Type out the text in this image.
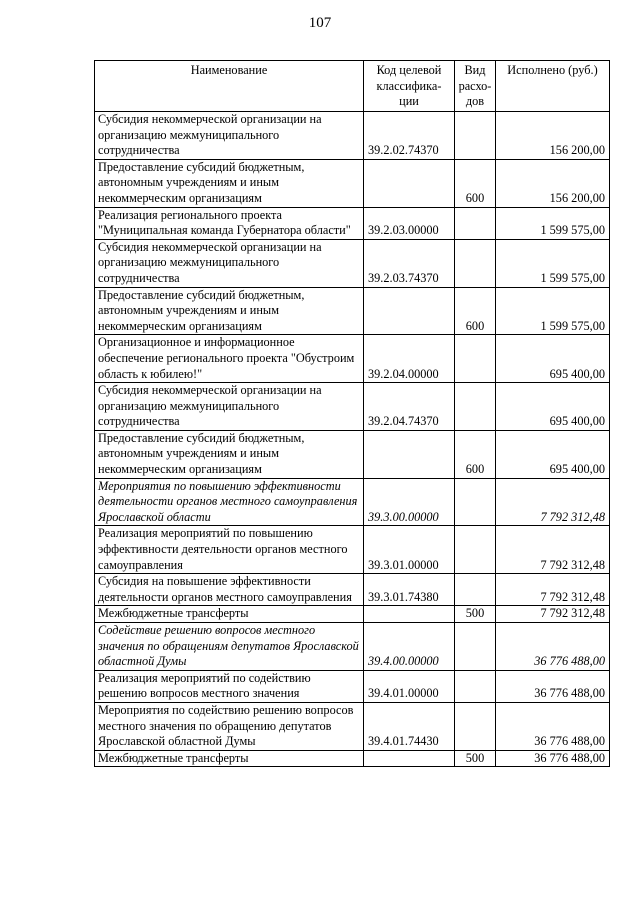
107
Наименование	Код целевой классифика-ции	Вид расхо-дов	Исполнено (руб.)
Субсидия некоммерческой организации на организацию межмуниципального сотрудничества	39.2.02.74370		156 200,00
Предоставление субсидий бюджетным, автономным учреждениям и иным некоммерческим организациям		600	156 200,00
Реализация регионального проекта "Муниципальная команда Губернатора области"	39.2.03.00000		1 599 575,00
Субсидия некоммерческой организации на организацию межмуниципального сотрудничества	39.2.03.74370		1 599 575,00
Предоставление субсидий бюджетным, автономным учреждениям и иным некоммерческим организациям		600	1 599 575,00
Организационное и информационное обеспечение регионального проекта "Обустроим область к юбилею!"	39.2.04.00000		695 400,00
Субсидия некоммерческой организации на организацию межмуниципального сотрудничества	39.2.04.74370		695 400,00
Предоставление субсидий бюджетным, автономным учреждениям и иным некоммерческим организациям		600	695 400,00
Мероприятия по повышению эффективности деятельности органов местного самоуправления Ярославской области	39.3.00.00000		7 792 312,48
Реализация мероприятий по повышению эффективности деятельности органов местного самоуправления	39.3.01.00000		7 792 312,48
Субсидия на повышение эффективности деятельности органов местного самоуправления	39.3.01.74380		7 792 312,48
Межбюджетные трансферты		500	7 792 312,48
Содействие решению вопросов местного значения по обращениям депутатов Ярославской областной Думы	39.4.00.00000		36 776 488,00
Реализация мероприятий по содействию решению вопросов местного значения	39.4.01.00000		36 776 488,00
Мероприятия по содействию решению вопросов местного значения по обращению депутатов Ярославской областной Думы	39.4.01.74430		36 776 488,00
Межбюджетные трансферты		500	36 776 488,00
